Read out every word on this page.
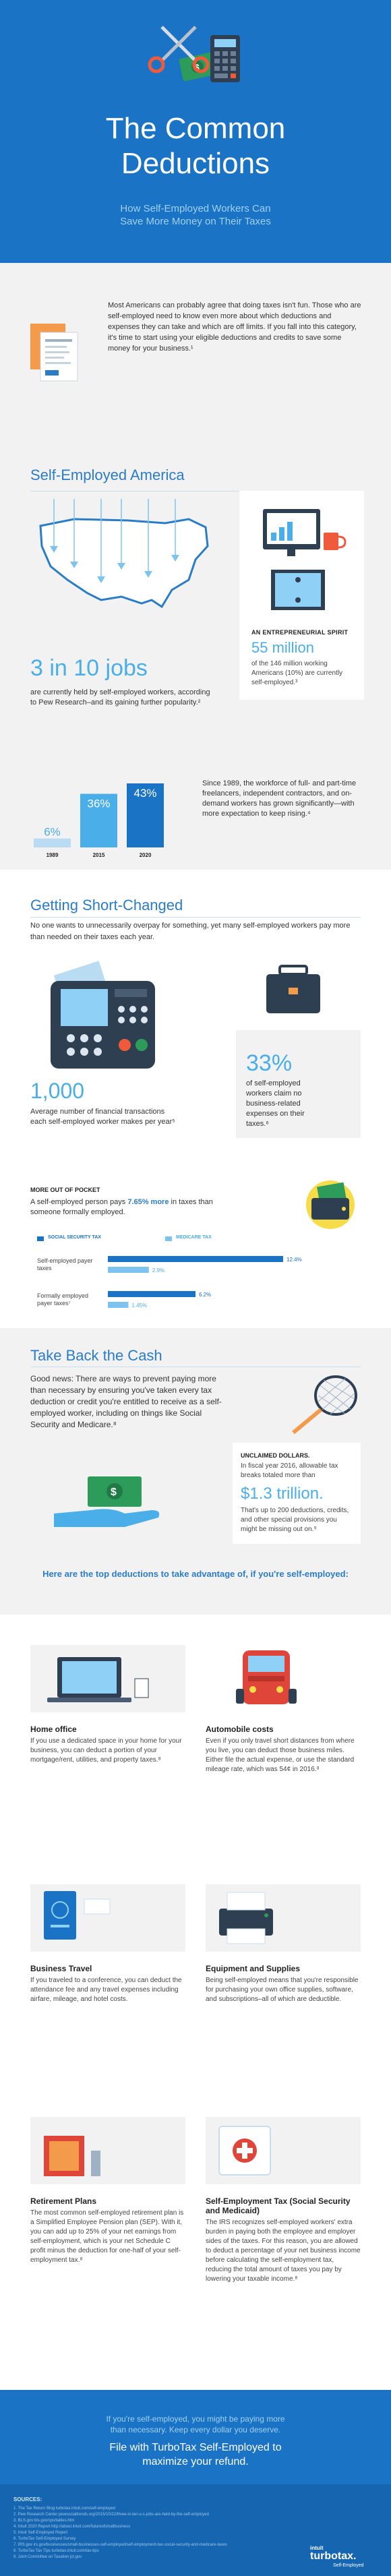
$
The Common
Deductions
How Self-Employed Workers Can
Save More Money on Their Taxes

Most Americans can probably agree that doing taxes isn't fun. Those who are self-employed need to know even more about which deductions and expenses they can take and which are off limits. If you fall into this category, it's time to start using your eligible deductions and credits to save some money for your business.¹

Self-Employed America
3 in 10 jobs
are currently held by self-employed workers, according to Pew Research–and its gaining further popularity.²
AN ENTREPRENEURIAL SPIRIT
55 million
of the 146 million working Americans (10%) are currently self-employed.³
6%
1989
36%
2015
43%
2020
Since 1989, the workforce of full- and part-time freelancers, independent contractors, and on-demand workers has grown significantly—with more expectation to keep rising.⁴
Getting Short-Changed

No one wants to unnecessarily overpay for something, yet many self-employed workers pay more than needed on their taxes each year.

1,000
Average number of financial transactions each self-employed worker makes per year⁵
33%
of self-employed workers claim no business-related expenses on their taxes.⁶
MORE OUT OF POCKET
A self-employed person pays 7.65% more in taxes than someone formally employed.
SOCIAL SECURITY TAX	MEDICARE TAX
Self-employed payer taxes
12.4%
2.9%
Formally employed payer taxes⁷
6.2%
1.45%
Take Back the Cash

Good news: There are ways to prevent paying more than necessary by ensuring you've taken every tax deduction or credit you're entitled to receive as a self-employed worker, including on things like Social Security and Medicare.⁸

$
UNCLAIMED DOLLARS.
In fiscal year 2016, allowable tax breaks totaled more than
$1.3 trillion.
That's up to 200 deductions, credits, and other special provisions you might be missing out on.⁹
Here are the top deductions to take advantage of, if you're self-employed:
Home office
If you use a dedicated space in your home for your business, you can deduct a portion of your mortgage/rent, utilities, and property taxes.⁸
Automobile costs
Even if you only travel short distances from where you live, you can deduct those business miles. Either file the actual expense, or use the standard mileage rate, which was 54¢ in 2016.⁸
Business Travel
If you traveled to a conference, you can deduct the attendance fee and any travel expenses including airfare, mileage, and hotel costs.
Equipment and Supplies
Being self-employed means that you're responsible for purchasing your own office supplies, software, and subscriptions–all of which are deductible.
Retirement Plans
The most common self-employed retirement plan is a Simplified Employee Pension plan (SEP). With it, you can add up to 25% of your net earnings from self-employment, which is your net Schedule C profit minus the deduction for one-half of your self-employment tax.⁸
Self-Employment Tax (Social Security and Medicaid)
The IRS recognizes self-employed workers' extra burden in paying both the employee and employer sides of the taxes. For this reason, you are allowed to deduct a percentage of your net business income before calculating the self-employment tax, reducing the total amount of taxes you pay by lowering your taxable income.⁸
If you're self-employed, you might be paying more
than necessary. Keep every dollar you deserve.
File with TurboTax Self-Employed to
maximize your refund.
SOURCES:
1. The Tax Return Blog turbotax.intuit.com/self-employed
2. Pew Research Center pewsocialtrends.org/2015/10/22/three-in-ten-u-s-jobs-are-held-by-the-self-employed
3. BLS.gov bls.gov/cps/tables.htm
4. Intuit 2020 Report http://about.intuit.com/futureofsmallbusiness
5. Intuit Self-Employed Report
6. TurboTax Self-Employed Survey
7. IRS.gov irs.gov/businesses/small-businesses-self-employed/self-employment-tax-social-security-and-medicare-taxes
8. TurboTax Tax Tips turbotax.intuit.com/tax-tips
9. Joint Committee on Taxation jct.gov
intuit
turbotax.
Self-Employed
